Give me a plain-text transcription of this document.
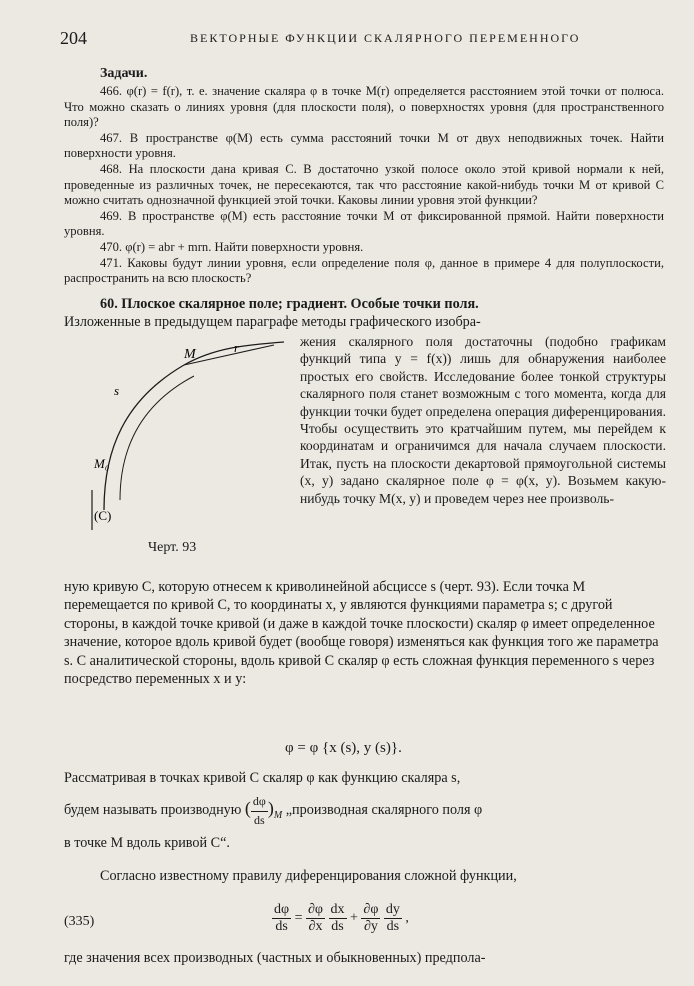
204	ВЕКТОРНЫЕ ФУНКЦИИ СКАЛЯРНОГО ПЕРЕМЕННОГО
Задачи.

466. φ(r) = f(r), т. е. значение скаляра φ в точке M(r) определяется расстоянием этой точки от полюса. Что можно сказать о линиях уровня (для плоскости поля), о поверхностях уровня (для пространственного поля)?

467. В пространстве φ(M) есть сумма расстояний точки M от двух неподвижных точек. Найти поверхности уровня.

468. На плоскости дана кривая C. В достаточно узкой полосе около этой кривой нормали к ней, проведенные из различных точек, не пересекаются, так что расстояние какой-нибудь точки M от кривой C можно считать однозначной функцией этой точки. Каковы линии уровня этой функции?

469. В пространстве φ(M) есть расстояние точки M от фиксированной прямой. Найти поверхности уровня.

470. φ(r) = abr + mrn. Найти поверхности уровня.

471. Каковы будут линии уровня, если определение поля φ, данное в примере 4 для полуплоскости, распространить на всю плоскость?

60. Плоское скалярное поле; градиент. Особые точки поля.

Изложенные в предыдущем параграфе методы графического изобра-

жения скалярного поля достаточны (подобно графикам функций типа y = f(x)) лишь для обнаружения наиболее простых его свойств. Исследование более тонкой структуры скалярного поля станет возможным с того момента, когда для функции точки будет определена операция диференцирования. Чтобы осуществить это кратчайшим путем, мы перейдем к координатам и ограничимся для начала случаем плоскости. Итак, пусть на плоскости декартовой прямоугольной системы (x, y) задано скалярное поле φ = φ(x, y). Возьмем какую-нибудь точку M(x, y) и проведем через нее произволь-
M	r
s
M₀
(C)
Черт. 93
ную кривую C, которую отнесем к криволинейной абсциссе s (черт. 93). Если точка M перемещается по кривой C, то координаты x, y являются функциями параметра s; с другой стороны, в каждой точке кривой (и даже в каждой точке плоскости) скаляр φ имеет определенное значение, которое вдоль кривой будет (вообще говоря) изменяться как функция того же параметра s. С аналитической стороны, вдоль кривой C скаляр φ есть сложная функция переменного s через посредство переменных x и y:
φ = φ {x (s), y (s)}.

Рассматривая в точках кривой C скаляр φ как функцию скаляра s,

будем называть производную ( $\frac{d\varphi}{ds} )_M$ „производная скалярного поля φ

в точке M вдоль кривой C“.

Согласно известному правилу диференцирования сложной функции,

(335)	$\frac{d\varphi}{ds} = \frac{\partial\varphi}{\partial x}$
$\frac{dx}{ds} + \frac{\partial\varphi}{\partial y}$
$\frac{dy}{ds}$ ,
где значения всех производных (частных и обыкновенных) предпола-
